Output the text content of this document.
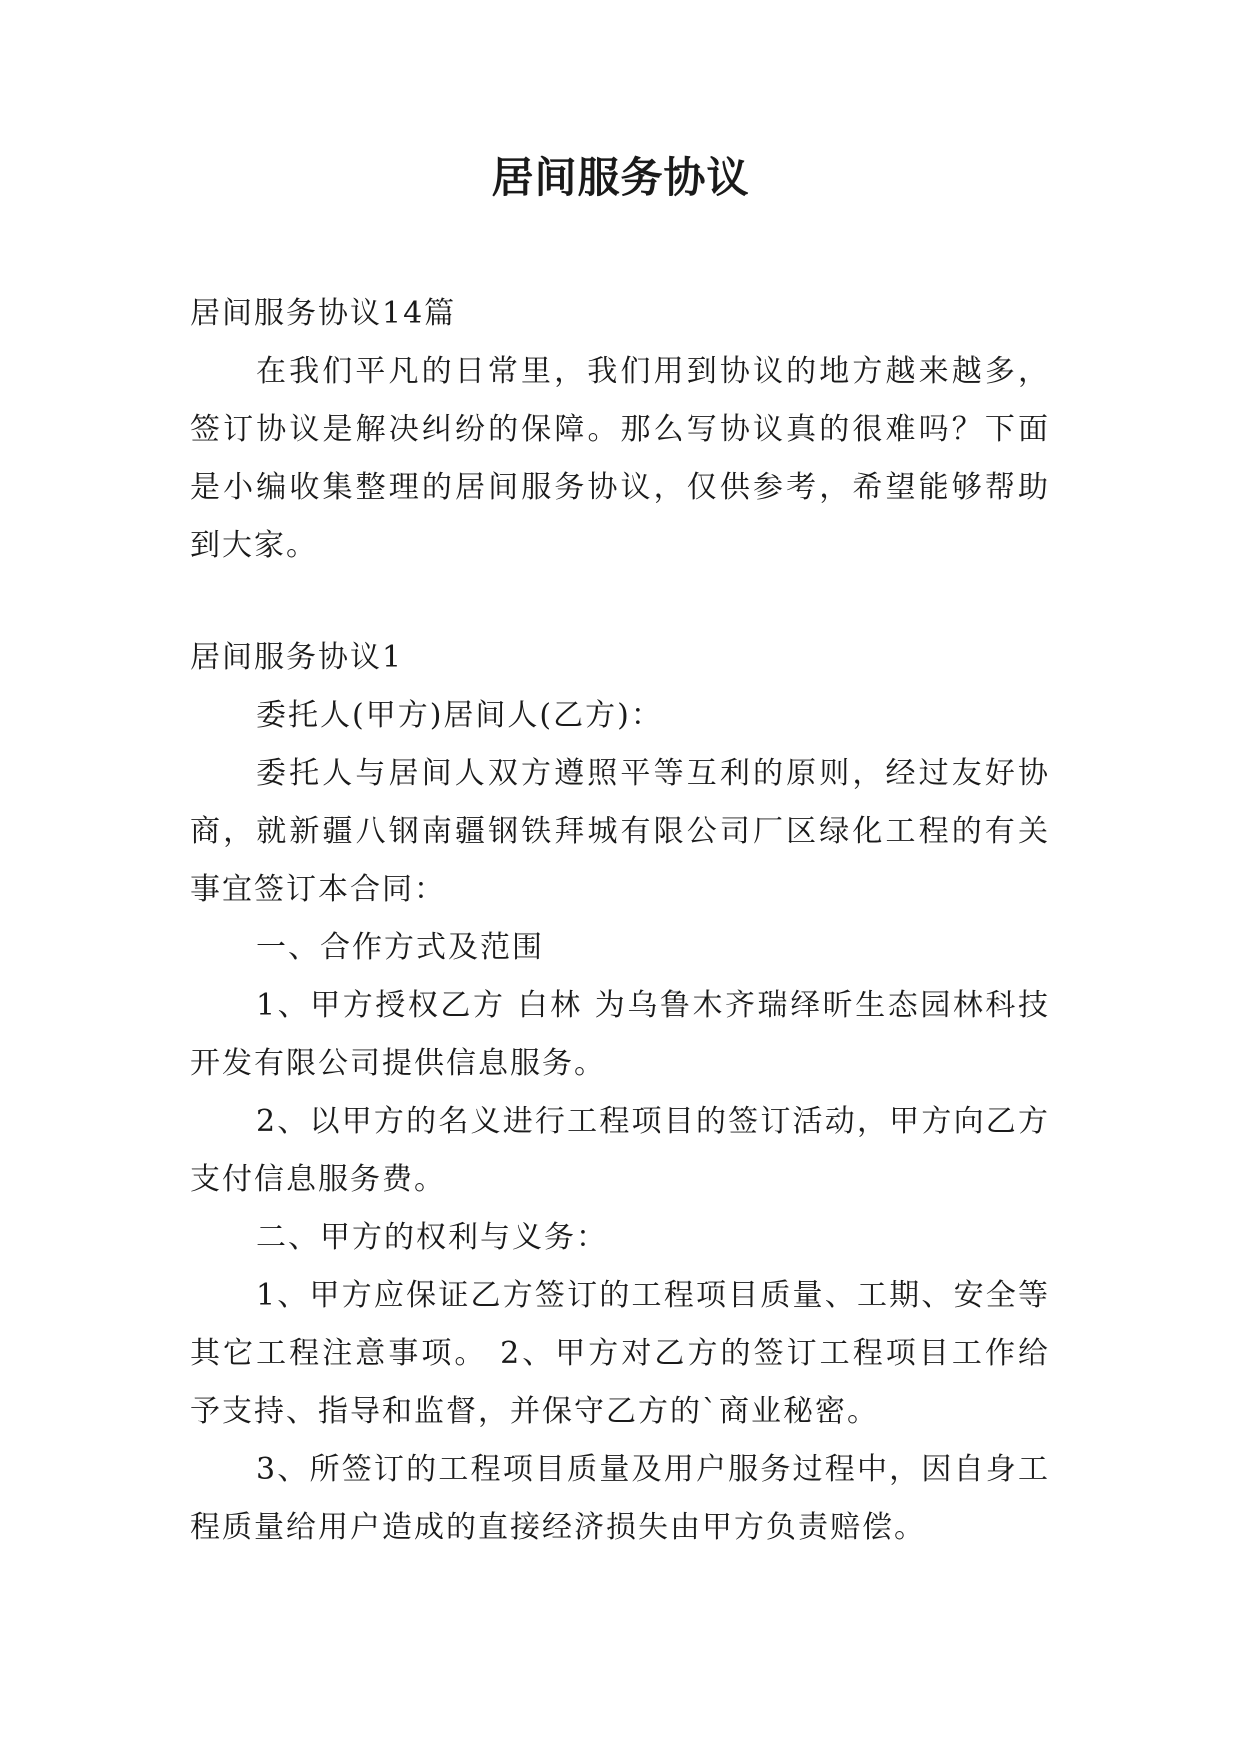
居间服务协议

居间服务协议14篇

在我们平凡的日常里，我们用到协议的地方越来越多，签订协议是解决纠纷的保障。那么写协议真的很难吗？下面是小编收集整理的居间服务协议，仅供参考，希望能够帮助到大家。

居间服务协议1

委托人(甲方)居间人(乙方)：

委托人与居间人双方遵照平等互利的原则，经过友好协商，就新疆八钢南疆钢铁拜城有限公司厂区绿化工程的有关事宜签订本合同：

一、合作方式及范围

1、甲方授权乙方 白林 为乌鲁木齐瑞绎昕生态园林科技开发有限公司提供信息服务。

2、以甲方的名义进行工程项目的签订活动，甲方向乙方支付信息服务费。

二、甲方的权利与义务：

1、甲方应保证乙方签订的工程项目质量、工期、安全等其它工程注意事项。 2、甲方对乙方的签订工程项目工作给予支持、指导和监督，并保守乙方的`商业秘密。

3、所签订的工程项目质量及用户服务过程中，因自身工程质量给用户造成的直接经济损失由甲方负责赔偿。
